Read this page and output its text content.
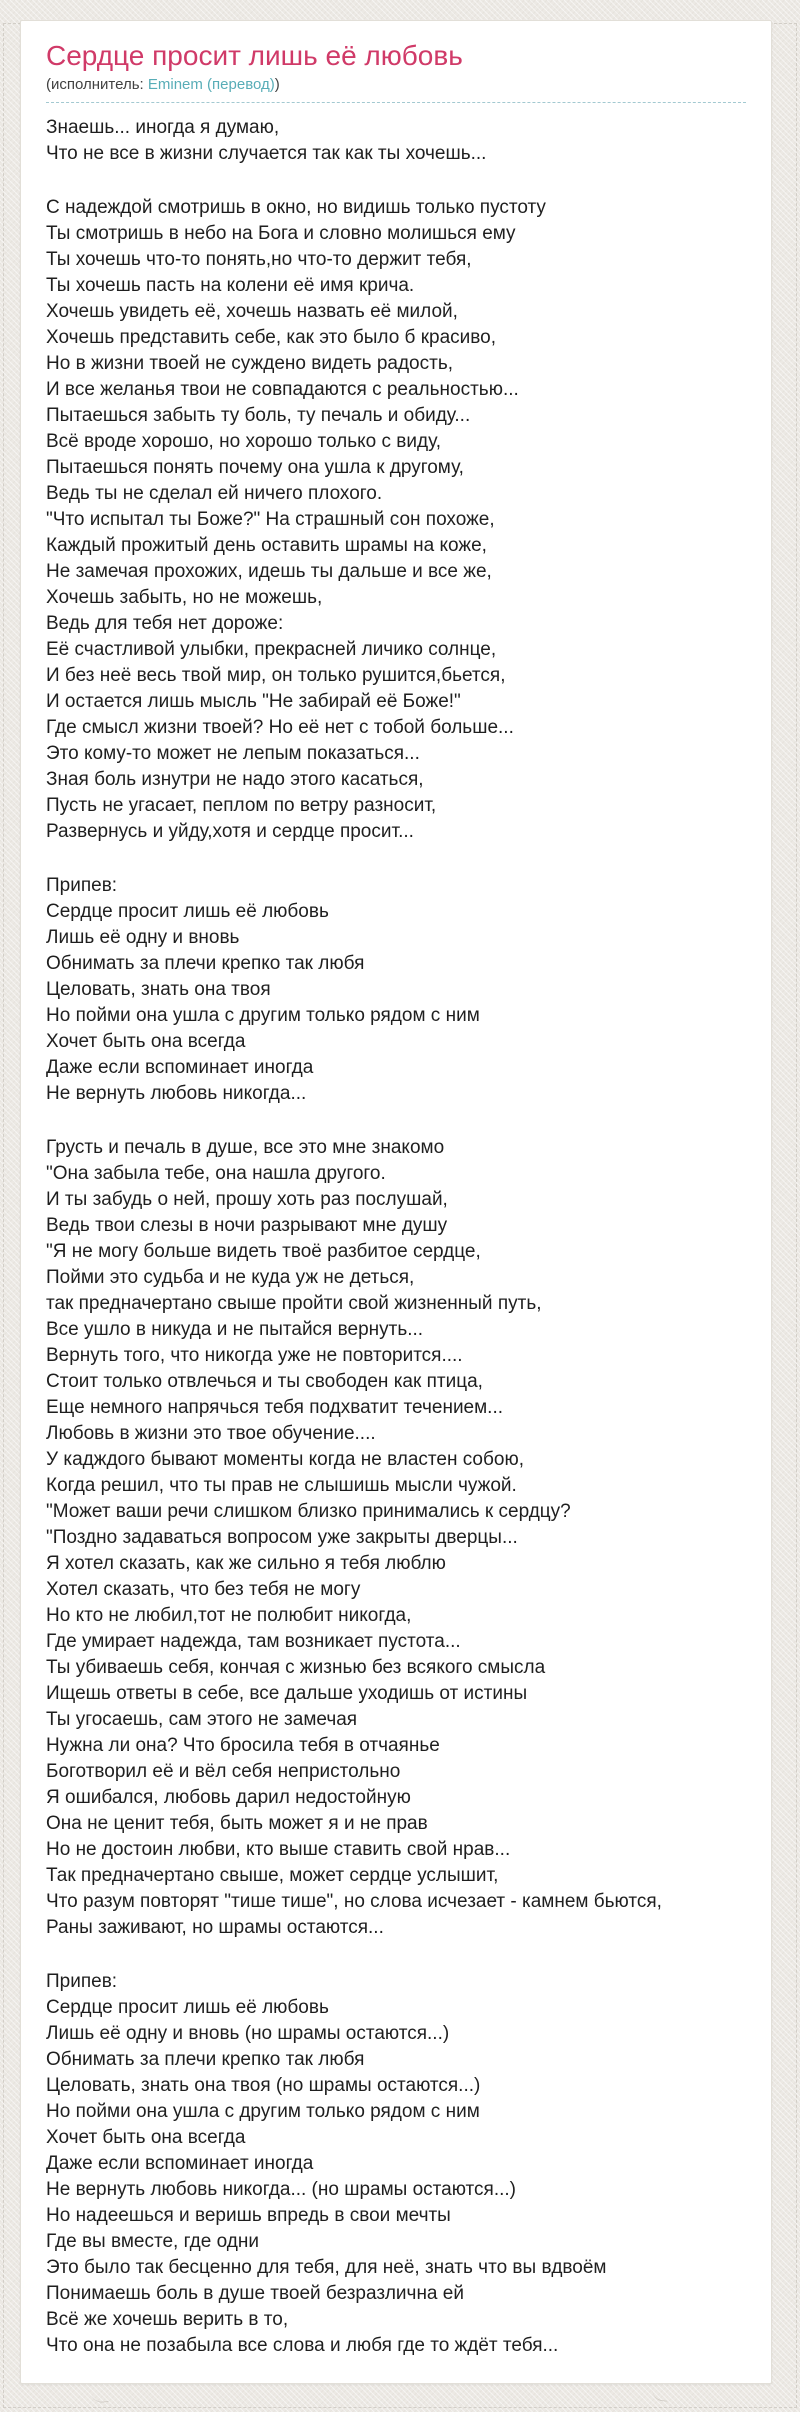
Сердце просит лишь её любовь
(исполнитель: Eminem (перевод))

Знаешь... иногда я думаю,
Что не все в жизни случается так как ты хочешь...

С надеждой смотришь в окно, но видишь только пустоту
Ты смотришь в небо на Бога и словно молишься ему
Ты хочешь что-то понять,но что-то держит тебя,
Ты хочешь пасть на колени её имя крича.
Хочешь увидеть её, хочешь назвать её милой,
Хочешь представить себе, как это было б красиво,
Но в жизни твоей не суждено видеть радость,
И все желанья твои не совпадаются с реальностью...
Пытаешься забыть ту боль, ту печаль и обиду...
Всё вроде хорошо, но хорошо только с виду,
Пытаешься понять почему она ушла к другому,
Ведь ты не сделал ей ничего плохого.
"Что испытал ты Боже?" На страшный сон похоже,
Каждый прожитый день оставить шрамы на коже,
Не замечая прохожих, идешь ты дальше и все же,
Хочешь забыть, но не можешь,
Ведь для тебя нет дороже:
Её счастливой улыбки, прекрасней личико солнце,
И без неё весь твой мир, он только рушится,бьется,
И остается лишь мысль "Не забирай её Боже!"
Где смысл жизни твоей? Но её нет с тобой больше...
Это кому-то может не лепым показаться...
Зная боль изнутри не надо этого касаться,
Пусть не угасает, пеплом по ветру разносит,
Развернусь и уйду,хотя и сердце просит...

Припев:
Сердце просит лишь её любовь
Лишь её одну и вновь
Обнимать за плечи крепко так любя
Целовать, знать она твоя
Но пойми она ушла с другим только рядом с ним
Хочет быть она всегда
Даже если вспоминает иногда
Не вернуть любовь никогда...

Грусть и печаль в душе, все это мне знакомо
"Она забыла тебе, она нашла другого.
И ты забудь о ней, прошу хоть раз послушай,
Ведь твои слезы в ночи разрывают мне душу
"Я не могу больше видеть твоё разбитое сердце,
Пойми это судьба и не куда уж не деться,
так предначертано свыше пройти свой жизненный путь,
Все ушло в никуда и не пытайся вернуть...
Вернуть того, что никогда уже не повторится....
Стоит только отвлечься и ты свободен как птица,
Еще немного напрячься тебя подхватит течением...
Любовь в жизни это твое обучение....
У кадждого бывают моменты когда не властен собою,
Когда решил, что ты прав не слышишь мысли чужой.
"Может ваши речи слишком близко принимались к сердцу?
"Поздно задаваться вопросом уже закрыты дверцы...
Я хотел сказать, как же сильно я тебя люблю
Хотел сказать, что без тебя не могу
Но кто не любил,тот не полюбит никогда,
Где умирает надежда, там возникает пустота...
Ты убиваешь себя, кончая с жизнью без всякого смысла
Ищешь ответы в себе, все дальше уходишь от истины
Ты угосаешь, сам этого не замечая
Нужна ли она? Что бросила тебя в отчаянье
Боготворил её и вёл себя непристольно
Я ошибался, любовь дарил недостойную
Она не ценит тебя, быть может я и не прав
Но не достоин любви, кто выше ставить свой нрав...
Так предначертано свыше, может сердце услышит,
Что разум повторят "тише тише", но слова исчезает - камнем бьются,
Раны заживают, но шрамы остаются...

Припев:
Сердце просит лишь её любовь
Лишь её одну и вновь (но шрамы остаются...)
Обнимать за плечи крепко так любя
Целовать, знать она твоя (но шрамы остаются...)
Но пойми она ушла с другим только рядом с ним
Хочет быть она всегда
Даже если вспоминает иногда
Не вернуть любовь никогда... (но шрамы остаются...)
Но надеешься и веришь впредь в свои мечты
Где вы вместе, где одни
Это было так бесценно для тебя, для неё, знать что вы вдвоём
Понимаешь боль в душе твоей безразлична ей
Всё же хочешь верить в то,
Что она не позабыла все слова и любя где то ждёт тебя...
